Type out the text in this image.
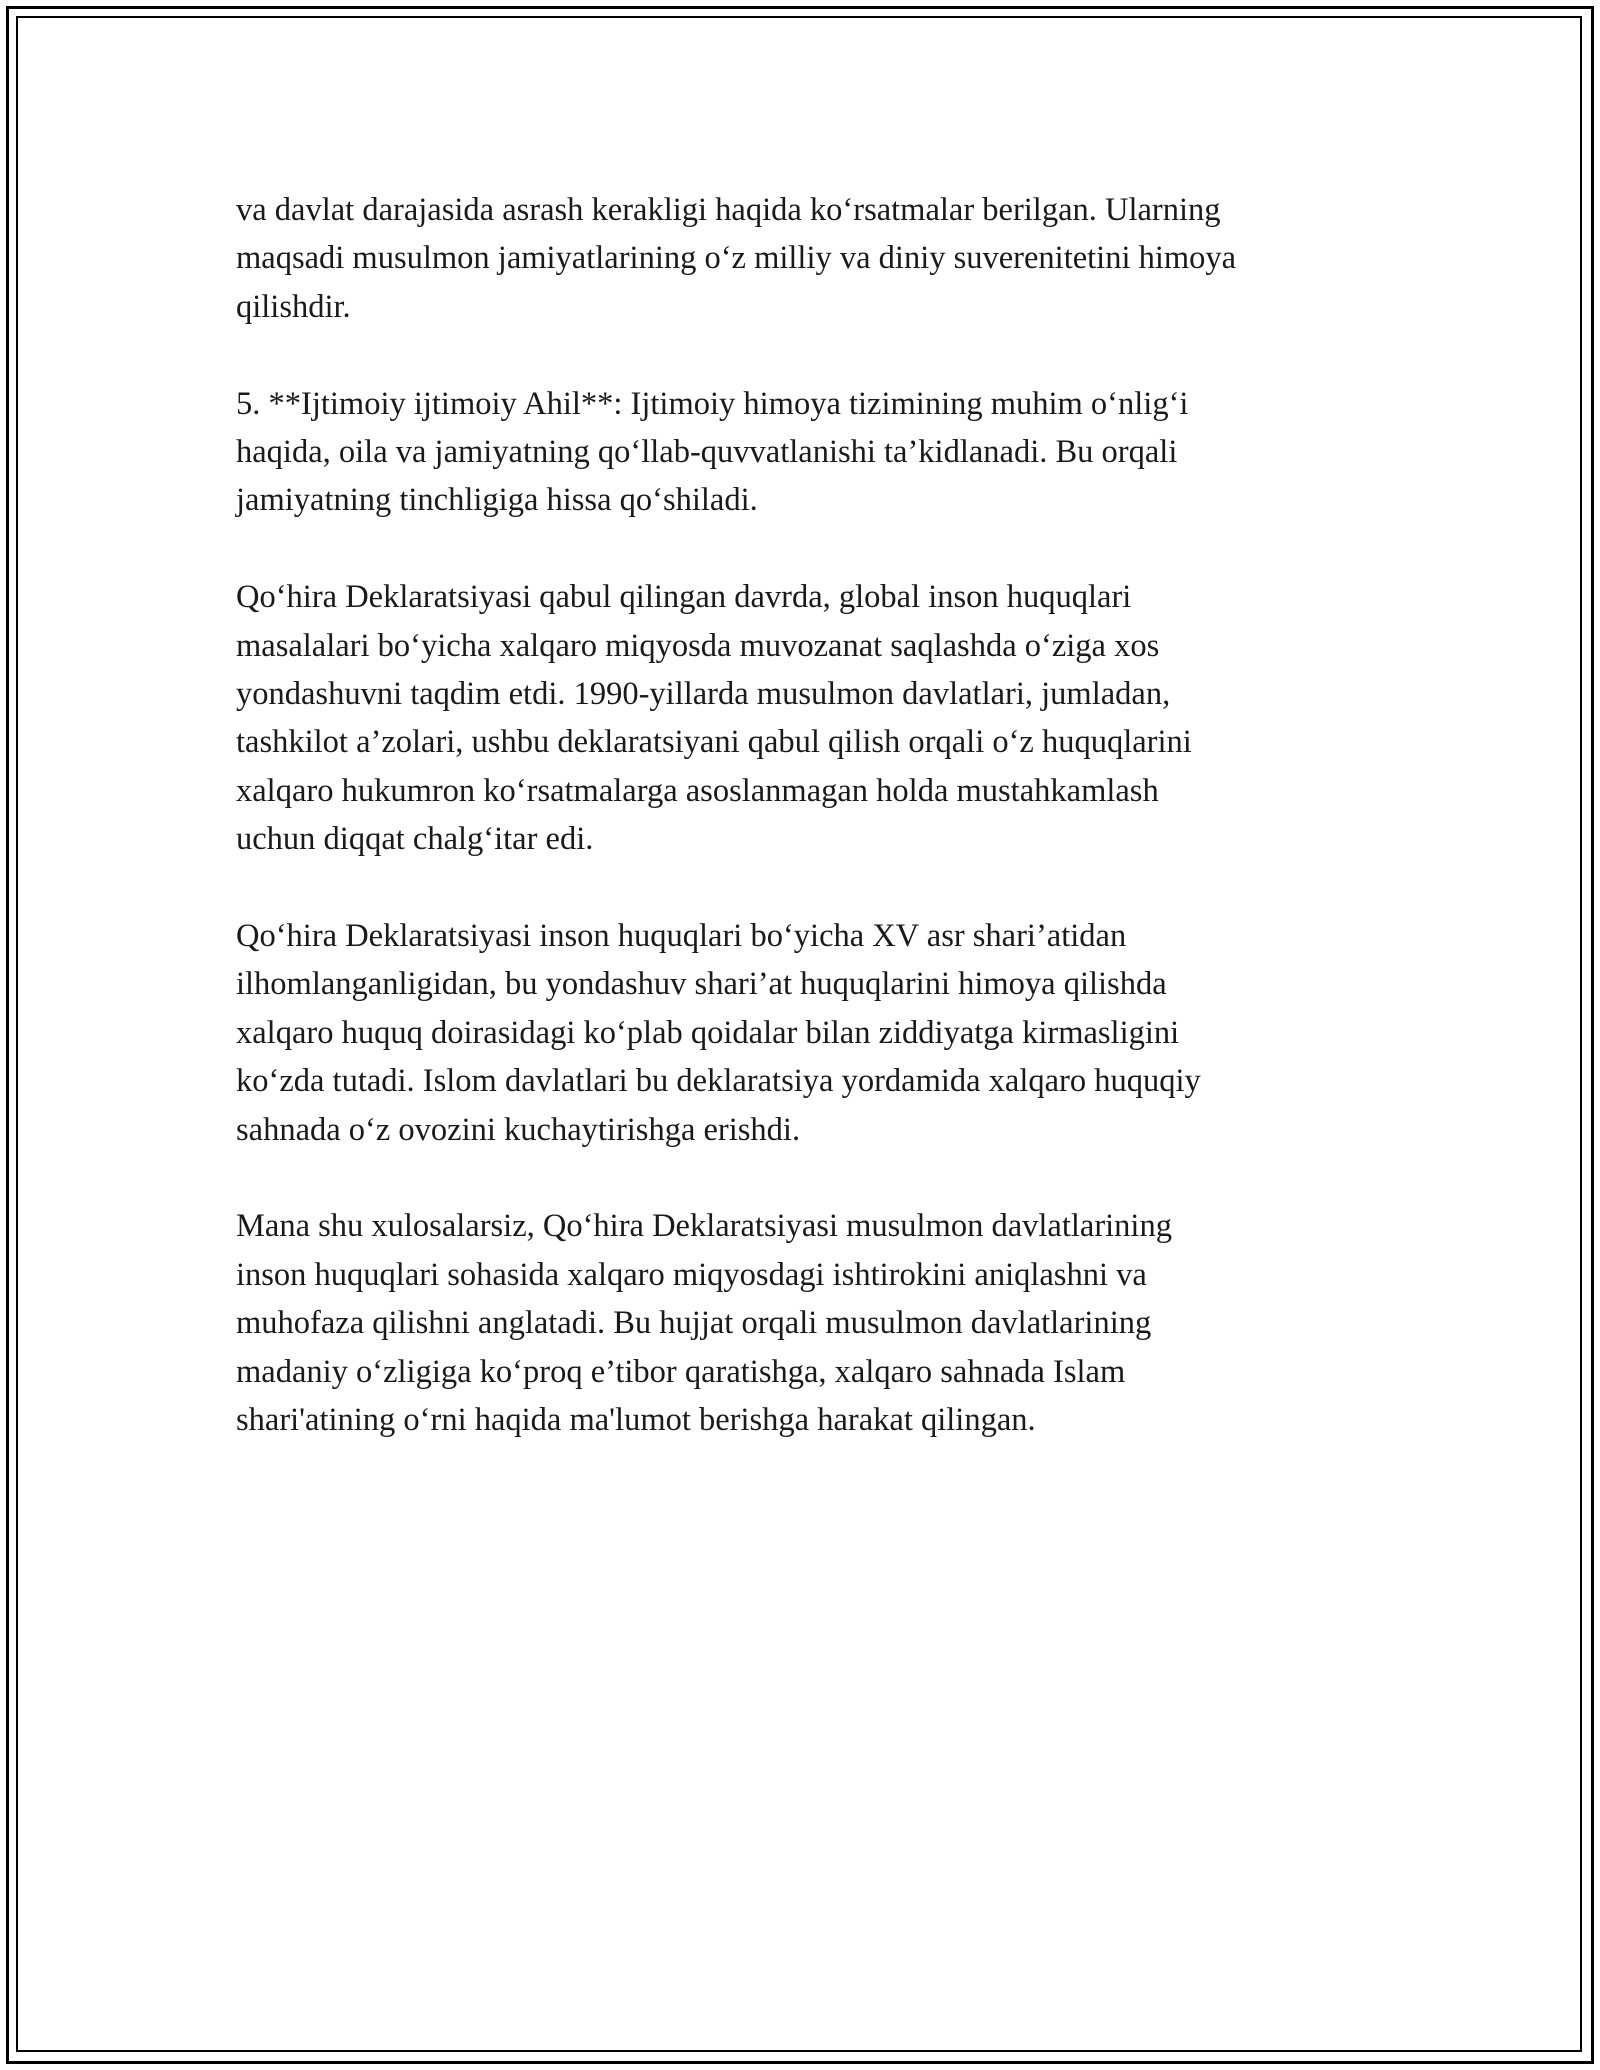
va davlat darajasida asrash kerakligi haqida ko‘rsatmalar berilgan. Ularning
maqsadi musulmon jamiyatlarining o‘z milliy va diniy suverenitetini himoya
qilishdir.

5. **Ijtimoiy ijtimoiy Ahil**: Ijtimoiy himoya tizimining muhim o‘nlig‘i
haqida, oila va jamiyatning qo‘llab-quvvatlanishi ta’kidlanadi. Bu orqali
jamiyatning tinchligiga hissa qo‘shiladi.

Qo‘hira Deklaratsiyasi qabul qilingan davrda, global inson huquqlari
masalalari bo‘yicha xalqaro miqyosda muvozanat saqlashda o‘ziga xos
yondashuvni taqdim etdi. 1990-yillarda musulmon davlatlari, jumladan,
tashkilot a’zolari, ushbu deklaratsiyani qabul qilish orqali o‘z huquqlarini
xalqaro hukumron ko‘rsatmalarga asoslanmagan holda mustahkamlash
uchun diqqat chalg‘itar edi.

Qo‘hira Deklaratsiyasi inson huquqlari bo‘yicha XV asr shari’atidan
ilhomlanganligidan, bu yondashuv shari’at huquqlarini himoya qilishda
xalqaro huquq doirasidagi ko‘plab qoidalar bilan ziddiyatga kirmasligini
ko‘zda tutadi. Islom davlatlari bu deklaratsiya yordamida xalqaro huquqiy
sahnada o‘z ovozini kuchaytirishga erishdi.

Mana shu xulosalarsiz, Qo‘hira Deklaratsiyasi musulmon davlatlarining
inson huquqlari sohasida xalqaro miqyosdagi ishtirokini aniqlashni va
muhofaza qilishni anglatadi. Bu hujjat orqali musulmon davlatlarining
madaniy o‘zligiga ko‘proq e’tibor qaratishga, xalqaro sahnada Islam
shari'atining o‘rni haqida ma'lumot berishga harakat qilingan.
